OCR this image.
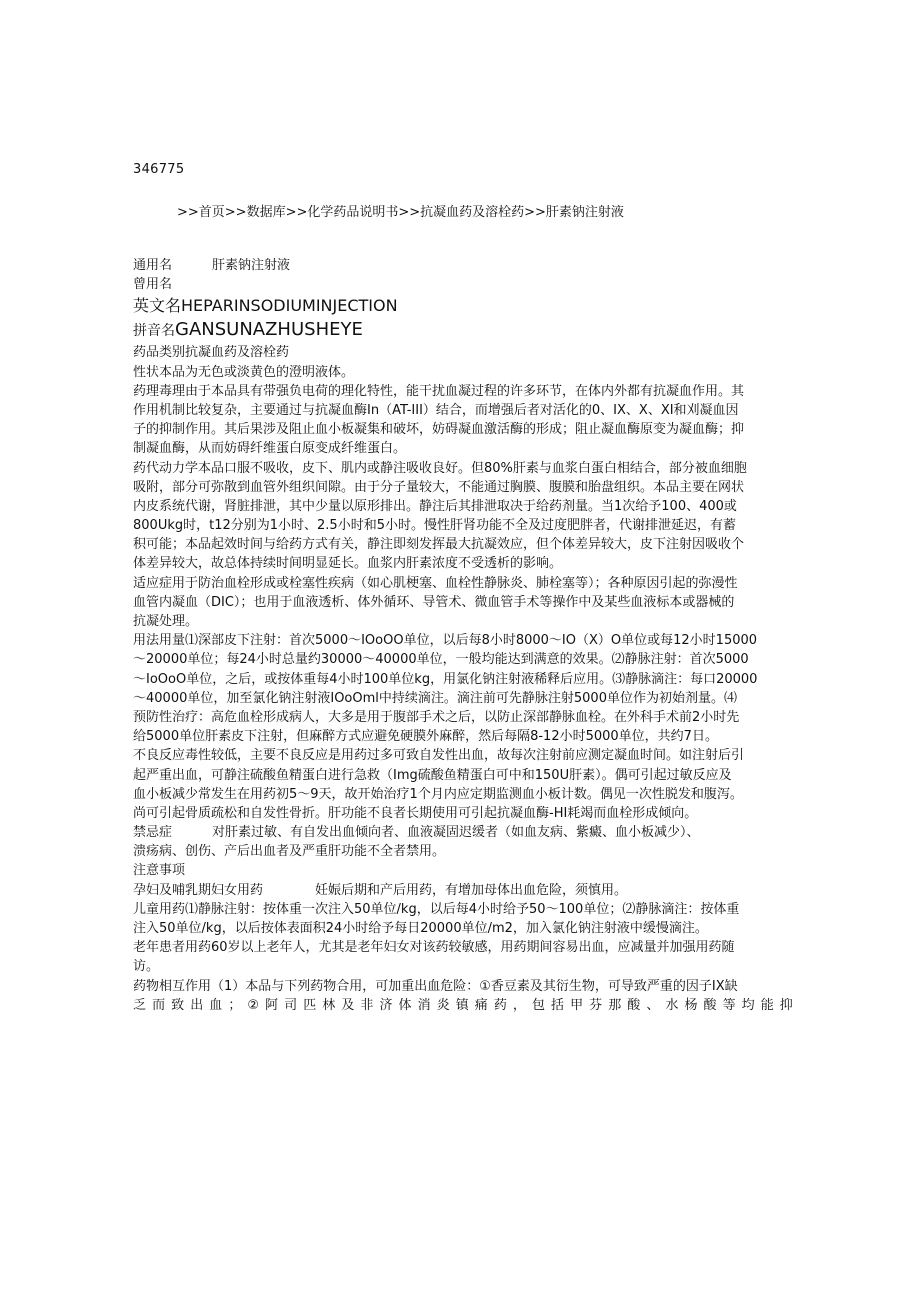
346775
>>首页>>数据库>>化学药品说明书>>抗凝血药及溶栓药>>肝素钠注射液
通用名	肝素钠注射液
曾用名
英文名HEPARINSODIUMINJECTION
拼音名GANSUNAZHUSHEYE
药品类别抗凝血药及溶栓药
性状本品为无色或淡黄色的澄明液体。
药理毒理由于本品具有带强负电荷的理化特性，能干扰血凝过程的许多环节，在体内外都有抗凝血作用。其
作用机制比较复杂，主要通过与抗凝血酶In（AT-III）结合，而增强后者对活化的0、IX、X、XI和刈凝血因
子的抑制作用。其后果涉及阻止血小板凝集和破坏，妨碍凝血激活酶的形成；阻止凝血酶原变为凝血酶；抑
制凝血酶，从而妨碍纤维蛋白原变成纤维蛋白。
药代动力学本品口服不吸收，皮下、肌内或静注吸收良好。但80%肝素与血浆白蛋白相结合，部分被血细胞
吸附，部分可弥散到血管外组织间隙。由于分子量较大，不能通过胸膜、腹膜和胎盘组织。本品主要在网状
内皮系统代谢，肾脏排泄，其中少量以原形排出。静注后其排泄取决于给药剂量。当1次给予100、400或
800Ukg时，t12分别为1小时、2.5小时和5小时。慢性肝肾功能不全及过度肥胖者，代谢排泄延迟，有蓄
积可能；本品起效时间与给药方式有关，静注即刻发挥最大抗凝效应，但个体差异较大，皮下注射因吸收个
体差异较大，故总体持续时间明显延长。血浆内肝素浓度不受透析的影响。
适应症用于防治血栓形成或栓塞性疾病（如心肌梗塞、血栓性静脉炎、肺栓塞等）；各种原因引起的弥漫性
血管内凝血（DIC）；也用于血液透析、体外循环、导管术、微血管手术等操作中及某些血液标本或器械的
抗凝处理。
用法用量⑴深部皮下注射：首次5000～IOoOO单位，以后每8小时8000～IO（X）O单位或每12小时15000
～20000单位；每24小时总量约30000～40000单位，一般均能达到满意的效果。⑵静脉注射：首次5000
～IoOoO单位，之后，或按体重每4小时100单位kg，用氯化钠注射液稀释后应用。⑶静脉滴注：每口20000
～40000单位，加至氯化钠注射液IOoOml中持续滴注。滴注前可先静脉注射5000单位作为初始剂量。⑷
预防性治疗：高危血栓形成病人，大多是用于腹部手术之后，以防止深部静脉血栓。在外科手术前2小时先
给5000单位肝素皮下注射，但麻醉方式应避免硬膜外麻醉，然后每隔8-12小时5000单位，共约7日。
不良反应毒性较低，主要不良反应是用药过多可致自发性出血，故每次注射前应测定凝血时间。如注射后引
起严重出血，可静注硫酸鱼精蛋白进行急救（Img硫酸鱼精蛋白可中和150U肝素）。偶可引起过敏反应及
血小板减少常发生在用药初5～9天，故开始治疗1个月内应定期监测血小板计数。偶见一次性脱发和腹泻。
尚可引起骨质疏松和自发性骨折。肝功能不良者长期使用可引起抗凝血酶-HI耗竭而血栓形成倾向。
禁忌症	对肝素过敏、有自发出血倾向者、血液凝固迟缓者（如血友病、紫癜、血小板减少）、
溃疡病、创伤、产后出血者及严重肝功能不全者禁用。
注意事项
孕妇及哺乳期妇女用药	妊娠后期和产后用药，有增加母体出血危险，须慎用。
儿童用药⑴静脉注射：按体重一次注入50单位/kg，以后每4小时给予50～100单位；⑵静脉滴注：按体重
注入50单位/kg，以后按体表面积24小时给予每日20000单位/m2，加入氯化钠注射液中缓慢滴注。
老年患者用药60岁以上老年人，尤其是老年妇女对该药较敏感，用药期间容易出血，应减量并加强用药随
访。
药物相互作用（1）本品与下列药物合用，可加重出血危险：①香豆素及其衍生物，可导致严重的因子IX缺
乏 而 致 出 血 ； ② 阿 司 匹 林 及 非 济 体 消 炎 镇 痛 药 ， 包 括 甲 芬 那 酸 、 水 杨 酸 等 均 能 抑
